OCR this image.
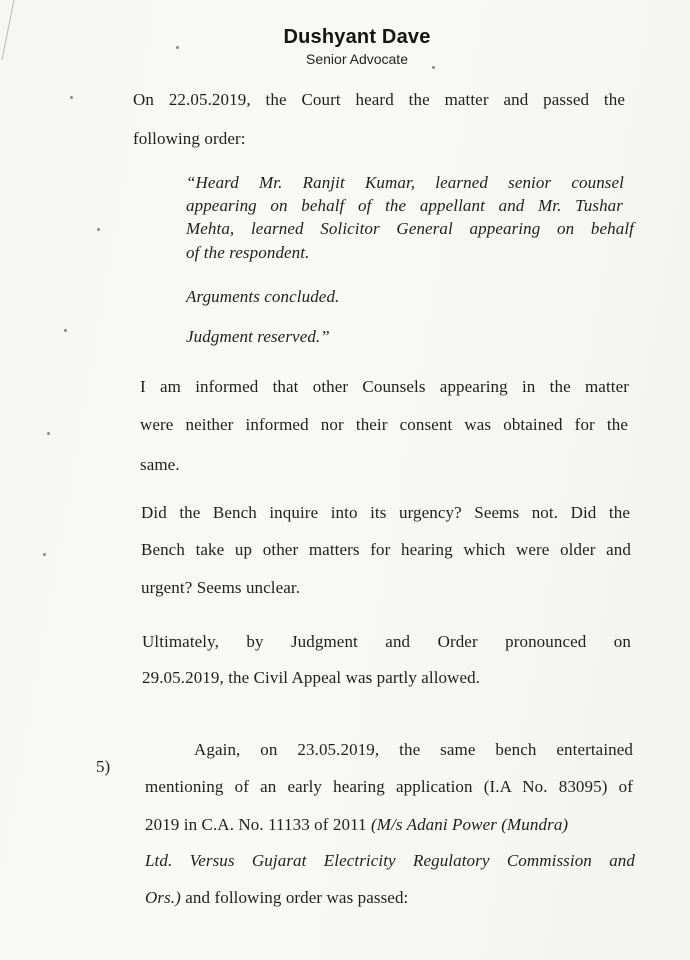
Dushyant Dave
Senior Advocate
On 22.05.2019, the Court heard the matter and passed the
following order:
“Heard Mr. Ranjit Kumar, learned senior counsel
appearing on behalf of the appellant and Mr. Tushar
Mehta, learned Solicitor General appearing on behalf
of the respondent.
Arguments concluded.
Judgment reserved.”
I am informed that other Counsels appearing in the matter
were neither informed nor their consent was obtained for the
same.
Did the Bench inquire into its urgency? Seems not. Did the
Bench take up other matters for hearing which were older and
urgent? Seems unclear.
Ultimately, by Judgment and Order pronounced on
29.05.2019, the Civil Appeal was partly allowed.
5)
Again, on 23.05.2019, the same bench entertained
mentioning of an early hearing application (I.A No. 83095) of
2019 in C.A. No. 11133 of 2011 (M/s Adani Power (Mundra)
Ltd. Versus Gujarat Electricity Regulatory Commission and
Ors.) and following order was passed:
